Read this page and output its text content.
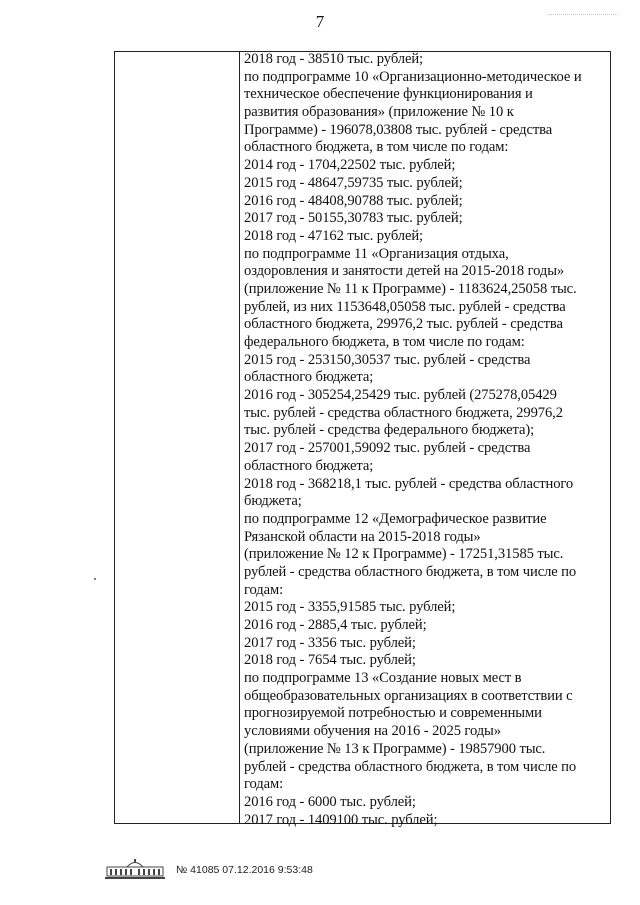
7
2018 год - 38510 тыс. рублей;
по подпрограмме 10 «Организационно-методическое и
техническое обеспечение функционирования и
развития образования» (приложение № 10 к
Программе) - 196078,03808 тыс. рублей - средства
областного бюджета, в том числе по годам:
2014 год - 1704,22502 тыс. рублей;
2015 год - 48647,59735 тыс. рублей;
2016 год - 48408,90788 тыс. рублей;
2017 год - 50155,30783 тыс. рублей;
2018 год - 47162 тыс. рублей;
по подпрограмме 11 «Организация отдыха,
оздоровления и занятости детей на 2015-2018 годы»
(приложение № 11 к Программе) - 1183624,25058 тыс.
рублей, из них 1153648,05058 тыс. рублей - средства
областного бюджета, 29976,2 тыс. рублей - средства
федерального бюджета, в том числе по годам:
2015 год - 253150,30537 тыс. рублей - средства
областного бюджета;
2016 год - 305254,25429 тыс. рублей (275278,05429
тыс. рублей - средства областного бюджета, 29976,2
тыс. рублей - средства федерального бюджета);
2017 год - 257001,59092 тыс. рублей - средства
областного бюджета;
2018 год - 368218,1 тыс. рублей - средства областного
бюджета;
по подпрограмме 12 «Демографическое развитие
Рязанской области на 2015-2018 годы»
(приложение № 12 к Программе) - 17251,31585 тыс.
рублей - средства областного бюджета, в том числе по
годам:
2015 год - 3355,91585 тыс. рублей;
2016 год - 2885,4 тыс. рублей;
2017 год - 3356 тыс. рублей;
2018 год - 7654 тыс. рублей;
по подпрограмме 13 «Создание новых мест в
общеобразовательных организациях в соответствии с
прогнозируемой потребностью и современными
условиями обучения на 2016 - 2025 годы»
(приложение № 13 к Программе) - 19857900 тыс.
рублей - средства областного бюджета, в том числе по
годам:
2016 год - 6000 тыс. рублей;
2017 год - 1409100 тыс. рублей;
№ 41085 07.12.2016 9:53:48
